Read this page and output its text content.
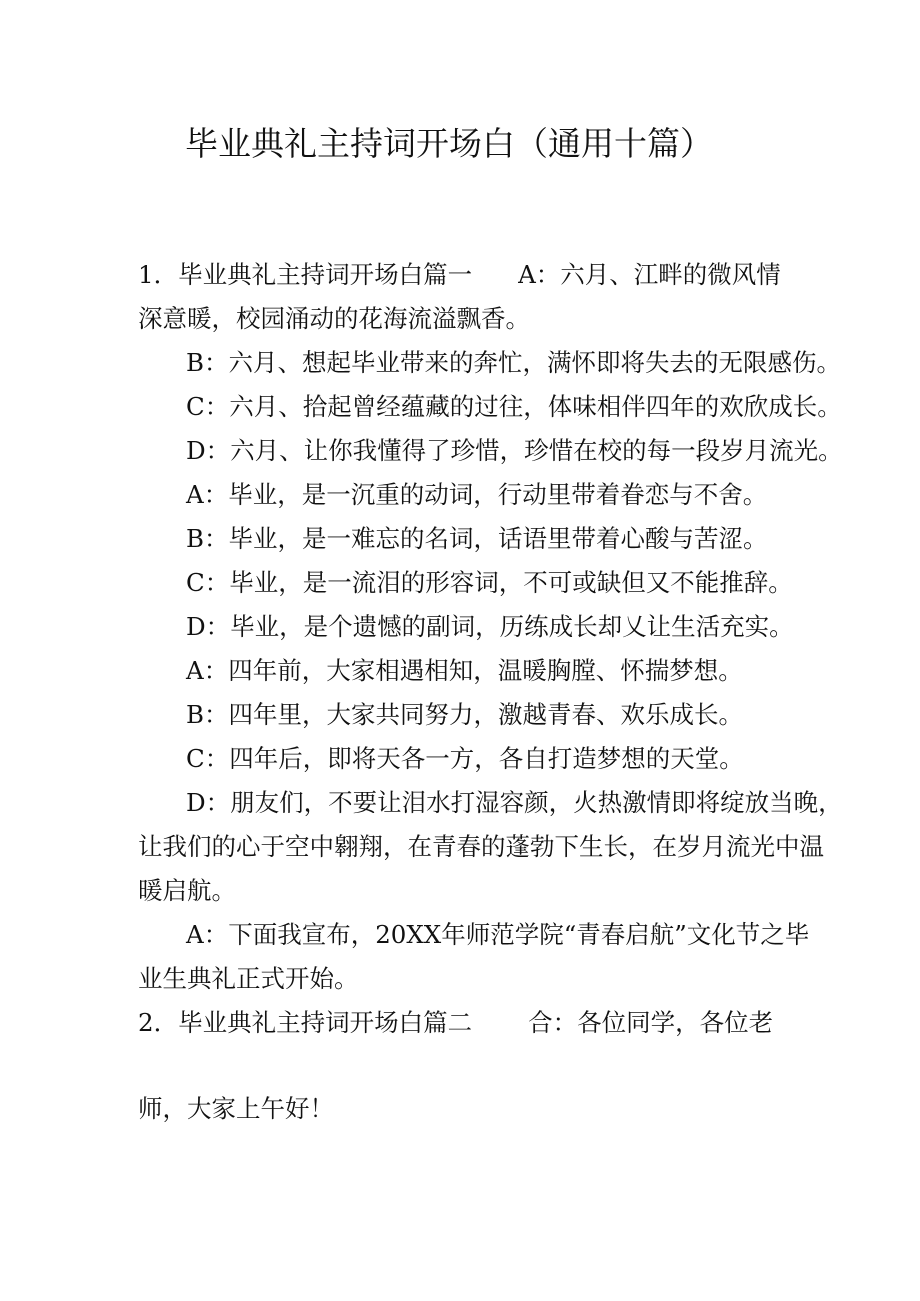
毕业典礼主持词开场白（通用十篇）
1．毕业典礼主持词开场白篇一 A：六月、江畔的微风情
深意暖，校园涌动的花海流溢飘香。
B：六月、想起毕业带来的奔忙，满怀即将失去的无限感伤。
C：六月、拾起曾经蕴藏的过往，体味相伴四年的欢欣成长。
D：六月、让你我懂得了珍惜，珍惜在校的每一段岁月流光。
A：毕业，是一沉重的动词，行动里带着眷恋与不舍。
B：毕业，是一难忘的名词，话语里带着心酸与苦涩。
C：毕业，是一流泪的形容词，不可或缺但又不能推辞。
D：毕业，是个遗憾的副词，历练成长却乂让生活充实。
A：四年前，大家相遇相知，温暖胸膛、怀揣梦想。
B：四年里，大家共同努力，激越青春、欢乐成长。
C：四年后，即将天各一方，各自打造梦想的天堂。
D：朋友们，不要让泪水打湿容颜，火热激情即将绽放当晚，
让我们的心于空中翱翔，在青春的蓬勃下生长，在岁月流光中温
暖启航。
A：下面我宣布，20XX年师范学院“青春启航”文化节之毕
业生典礼正式开始。
2．毕业典礼主持词开场白篇二 合：各位同学，各位老
师，大家上午好！
